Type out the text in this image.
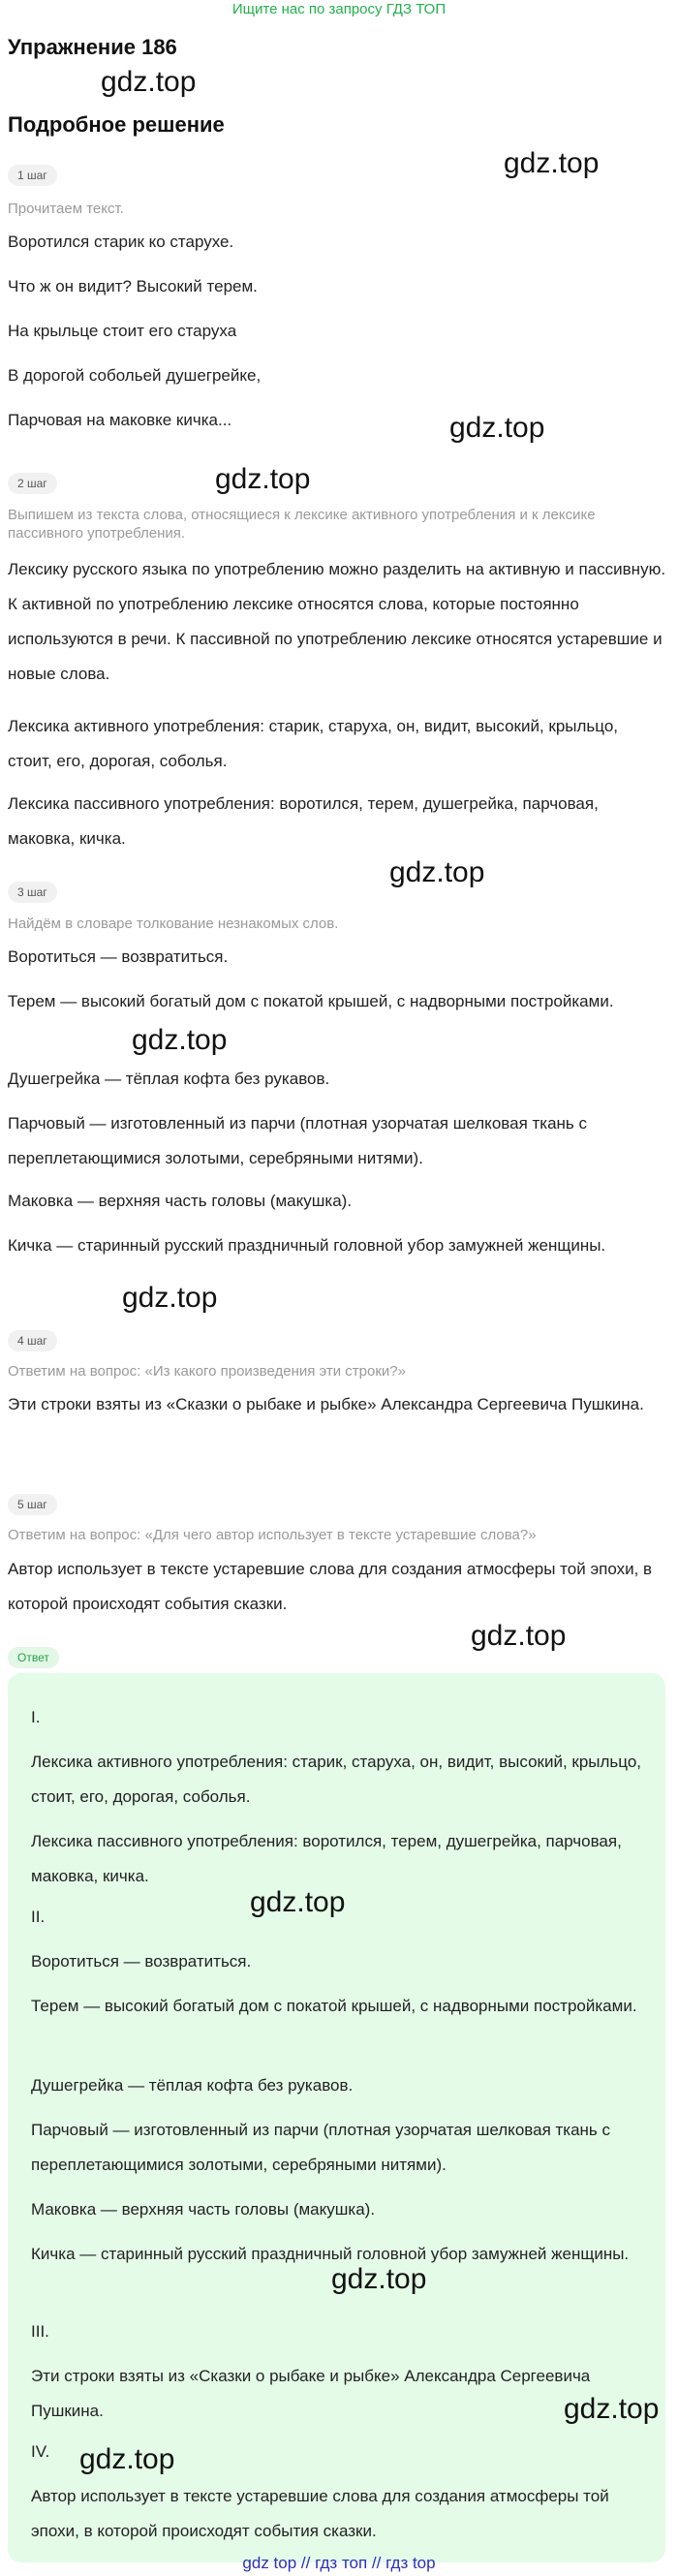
Ищите нас по запросу ГДЗ ТОП
Упражнение 186
Подробное решение
1 шаг
Прочитаем текст.
Воротился старик ко старухе.
Что ж он видит? Высокий терем.
На крыльце стоит его старуха
В дорогой собольей душегрейке,
Парчовая на маковке кичка...
2 шаг
Выпишем из текста слова, относящиеся к лексике активного употребления и к лексике пассивного употребления.
Лексику русского языка по употреблению можно разделить на активную и пассивную. К активной по употреблению лексике относятся слова, которые постоянно используются в речи. К пассивной по употреблению лексике относятся устаревшие и новые слова.
Лексика активного употребления: старик, старуха, он, видит, высокий, крыльцо, стоит, его, дорогая, соболья.
Лексика пассивного употребления: воротился, терем, душегрейка, парчовая, маковка, кичка.
3 шаг
Найдём в словаре толкование незнакомых слов.
Воротиться — возвратиться.
Терем — высокий богатый дом с покатой крышей, с надворными постройками.
Душегрейка — тёплая кофта без рукавов.
Парчовый — изготовленный из парчи (плотная узорчатая шелковая ткань с переплетающимися золотыми, серебряными нитями).
Маковка — верхняя часть головы (макушка).
Кичка — старинный русский праздничный головной убор замужней женщины.
4 шаг
Ответим на вопрос: «Из какого произведения эти строки?»
Эти строки взяты из «Сказки о рыбаке и рыбке» Александра Сергеевича Пушкина.
5 шаг
Ответим на вопрос: «Для чего автор использует в тексте устаревшие слова?»
Автор использует в тексте устаревшие слова для создания атмосферы той эпохи, в которой происходят события сказки.
Ответ
I.
Лексика активного употребления: старик, старуха, он, видит, высокий, крыльцо, стоит, его, дорогая, соболья.
Лексика пассивного употребления: воротился, терем, душегрейка, парчовая, маковка, кичка.
II.
Воротиться — возвратиться.
Терем — высокий богатый дом с покатой крышей, с надворными постройками.
Душегрейка — тёплая кофта без рукавов.
Парчовый — изготовленный из парчи (плотная узорчатая шелковая ткань с переплетающимися золотыми, серебряными нитями).
Маковка — верхняя часть головы (макушка).
Кичка — старинный русский праздничный головной убор замужней женщины.
III.
Эти строки взяты из «Сказки о рыбаке и рыбке» Александра Сергеевича Пушкина.
IV.
Автор использует в тексте устаревшие слова для создания атмосферы той эпохи, в которой происходят события сказки.
gdz.top
gdz.top
gdz.top
gdz.top
gdz.top
gdz.top
gdz.top
gdz.top
gdz.top
gdz.top
gdz.top
gdz.top
gdz top // гдз топ // гдз top
